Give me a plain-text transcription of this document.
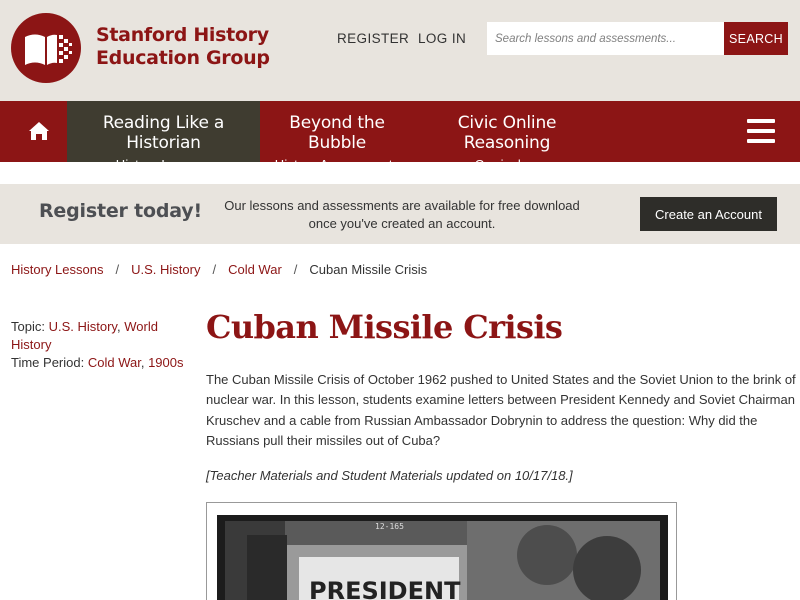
Stanford History
Education Group
REGISTER LOG IN
Search lessons and assessments...	SEARCH
Reading Like a Historian
History Lessons
Beyond the Bubble
History Assessments
Civic Online Reasoning
Curriculum
Register today!	Our lessons and assessments are available for free download once you've created an account.
Create an Account
History Lessons / U.S. History / Cold War / Cuban Missile Crisis
Topic: U.S. History, World History
Time Period: Cold War, 1900s
Cuban Missile Crisis

The Cuban Missile Crisis of October 1962 pushed to United States and the Soviet Union to the brink of nuclear war. In this lesson, students examine letters between President Kennedy and Soviet Chairman Kruschev and a cable from Russian Ambassador Dobrynin to address the question: Why did the Russians pull their missiles out of Cuba?

[Teacher Materials and Student Materials updated on 10/17/18.]

PRESIDENT
12-165
